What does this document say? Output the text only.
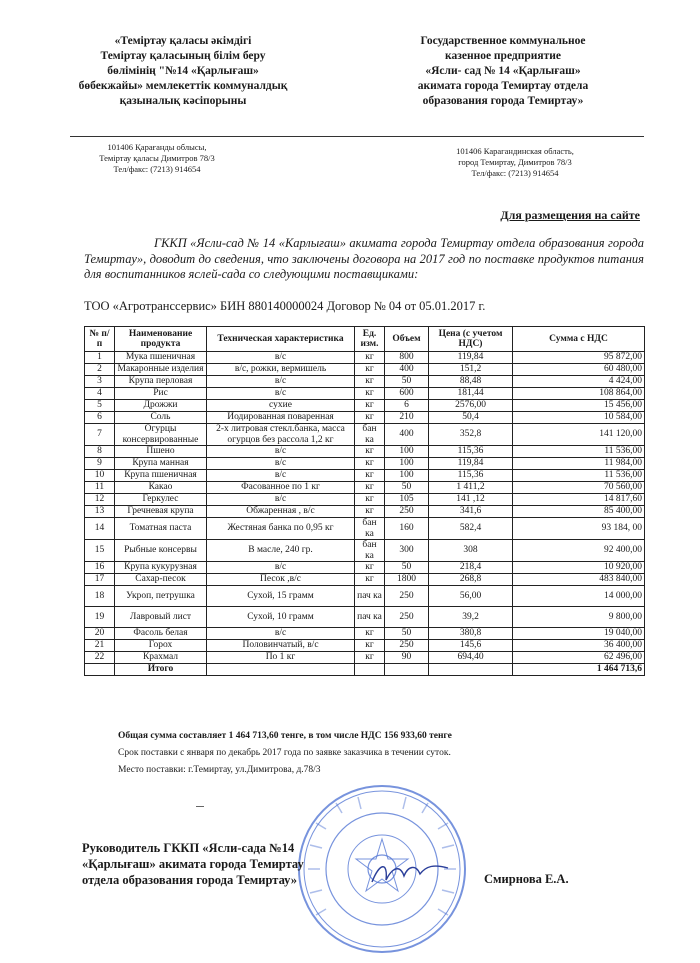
«Теміртау қаласы әкімдігі
Теміртау қаласының білім беру
бөлімінің "№14 «Қарлығаш»
бөбекжайы» мемлекеттік коммуналдық
қазыналық кәсіпорыны
Государственное коммунальное
казенное предприятие
«Ясли- сад № 14 «Қарлығаш»
акимата города Темиртау отдела
образования города Темиртау»
101406 Қарағанды облысы,
Теміртау қаласы Димитров 78/3
Тел/факс: (7213) 914654
101406 Карагандинская область,
город Темиртау, Димитров 78/3
Тел/факс: (7213) 914654
Для размещения на сайте
ГККП «Ясли-сад № 14 «Карлығаш» акимата города Темиртау отдела образования города Темиртау», доводит до сведения, что заключены договора на 2017 год по поставке продуктов питания для воспитанников яслей-сада со следующими поставщиками:
ТОО «Агротранссервис» БИН 880140000024 Договор № 04 от 05.01.2017 г.
№ п/п	Наименование продукта	Техническая характеристика	Ед. изм.	Объем	Цена (с учетом НДС)	Сумма с НДС
1	Мука пшеничная	в/с	кг	800	119,84	95 872,00
2	Макаронные изделия	в/с, рожки, вермишель	кг	400	151,2	60 480,00
3	Крупа перловая	в/с	кг	50	88,48	4 424,00
4	Рис	в/с	кг	600	181,44	108 864,00
5	Дрожжи	сухие	кг	6	2576,00	15 456,00
6	Соль	Иодированная поваренная	кг	210	50,4	10 584,00
7	Огурцы консервированные	2-х литровая стекл.банка, масса огурцов без рассола 1,2 кг	бан ка	400	352,8	141 120,00
8	Пшено	в/с	кг	100	115,36	11 536,00
9	Крупа манная	в/с	кг	100	119,84	11 984,00
10	Крупа пшеничная	в/с	кг	100	115,36	11 536,00
11	Какао	Фасованное по 1 кг	кг	50	1 411,2	70 560,00
12	Геркулес	в/с	кг	105	141 ,12	14 817,60
13	Гречневая крупа	Обжаренная , в/с	кг	250	341,6	85 400,00
14	Томатная паста	Жестяная банка по 0,95 кг	бан ка	160	582,4	93 184, 00
15	Рыбные консервы	В масле, 240 гр.	бан ка	300	308	92 400,00
16	Крупа кукурузная	в/с	кг	50	218,4	10 920,00
17	Сахар-песок	Песок ,в/с	кг	1800	268,8	483 840,00
18	Укроп, петрушка	Сухой, 15 грамм	пач ка	250	56,00	14 000,00
19	Лавровый лист	Сухой, 10 грамм	пач ка	250	39,2	9 800,00
20	Фасоль белая	в/с	кг	50	380,8	19 040,00
21	Горох	Половинчатый, в/с	кг	250	145,6	36 400,00
22	Крахмал	По 1 кг	кг	90	694,40	62 496,00
	Итого					1 464 713,6
Общая сумма составляет 1 464 713,60 тенге, в том числе НДС 156 933,60 тенге
Срок поставки с января по декабрь 2017 года по заявке заказчика в течении суток.
Место поставки: г.Темиртау, ул.Димитрова, д.78/3
Руководитель ГККП «Ясли-сада №14
«Қарлығаш» акимата города Темиртау
отдела образования города Темиртау»	Смирнова Е.А.
